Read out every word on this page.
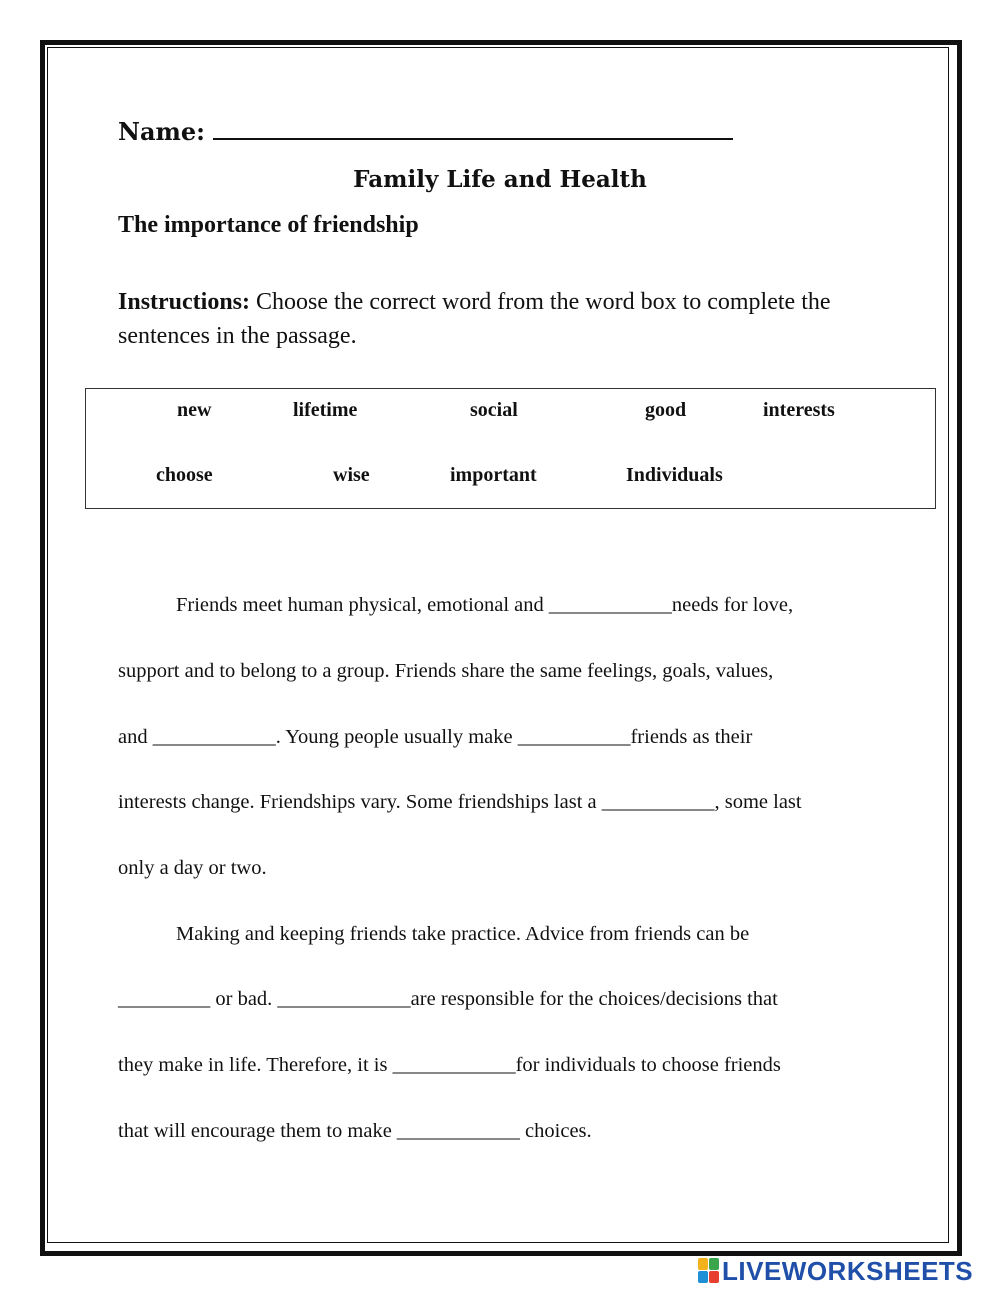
Name:
Family Life and Health
The importance of friendship
Instructions: Choose the correct word from the word box to complete the sentences in the passage.
new	lifetime	social	good	interests
choose	wise	important	Individuals
Friends meet human physical, emotional and ____________needs for love,
support and to belong to a group. Friends share the same feelings, goals, values,
and ____________. Young people usually make ___________friends as their
interests change. Friendships vary. Some friendships last a ___________, some last
only a day or two.
Making and keeping friends take practice. Advice from friends can be
_________ or bad. _____________are responsible for the choices/decisions that
they make in life. Therefore, it is ____________for individuals to choose friends
that will encourage them to make ____________ choices.
LIVEWORKSHEETS
